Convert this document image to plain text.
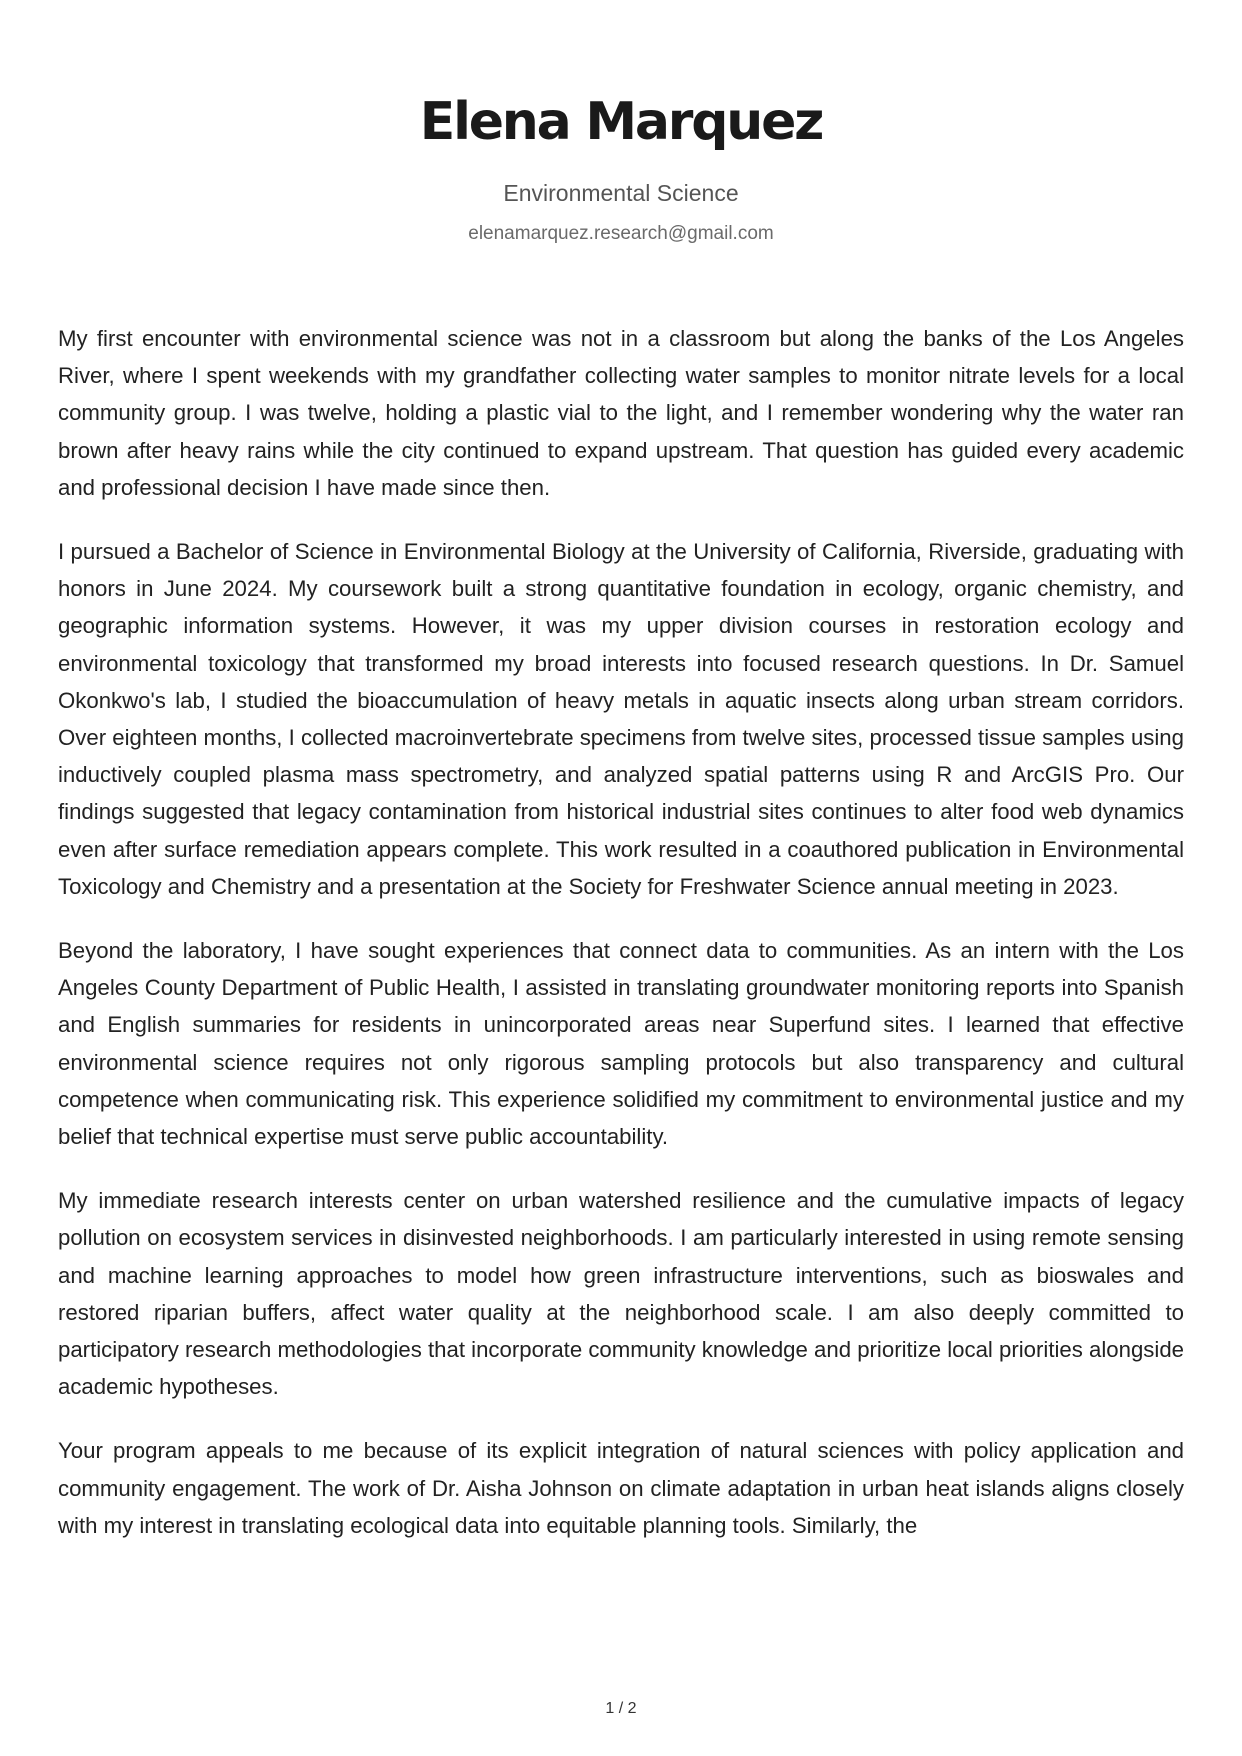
Elena Marquez
Environmental Science
elenamarquez.research@gmail.com

My first encounter with environmental science was not in a classroom but along the banks of the Los Angeles River, where I spent weekends with my grandfather collecting water samples to monitor nitrate levels for a local community group. I was twelve, holding a plastic vial to the light, and I remember wondering why the water ran brown after heavy rains while the city continued to expand upstream. That question has guided every academic and professional decision I have made since then.

I pursued a Bachelor of Science in Environmental Biology at the University of California, Riverside, graduating with honors in June 2024. My coursework built a strong quantitative foundation in ecology, organic chemistry, and geographic information systems. However, it was my upper division courses in restoration ecology and environmental toxicology that transformed my broad interests into focused research questions. In Dr. Samuel Okonkwo's lab, I studied the bioaccumulation of heavy metals in aquatic insects along urban stream corridors. Over eighteen months, I collected macroinvertebrate specimens from twelve sites, processed tissue samples using inductively coupled plasma mass spectrometry, and analyzed spatial patterns using R and ArcGIS Pro. Our findings suggested that legacy contamination from historical industrial sites continues to alter food web dynamics even after surface remediation appears complete. This work resulted in a coauthored publication in Environmental Toxicology and Chemistry and a presentation at the Society for Freshwater Science annual meeting in 2023.

Beyond the laboratory, I have sought experiences that connect data to communities. As an intern with the Los Angeles County Department of Public Health, I assisted in translating groundwater monitoring reports into Spanish and English summaries for residents in unincorporated areas near Superfund sites. I learned that effective environmental science requires not only rigorous sampling protocols but also transparency and cultural competence when communicating risk. This experience solidified my commitment to environmental justice and my belief that technical expertise must serve public accountability.

My immediate research interests center on urban watershed resilience and the cumulative impacts of legacy pollution on ecosystem services in disinvested neighborhoods. I am particularly interested in using remote sensing and machine learning approaches to model how green infrastructure interventions, such as bioswales and restored riparian buffers, affect water quality at the neighborhood scale. I am also deeply committed to participatory research methodologies that incorporate community knowledge and prioritize local priorities alongside academic hypotheses.

Your program appeals to me because of its explicit integration of natural sciences with policy application and community engagement. The work of Dr. Aisha Johnson on climate adaptation in urban heat islands aligns closely with my interest in translating ecological data into equitable planning tools. Similarly, the

1 / 2
